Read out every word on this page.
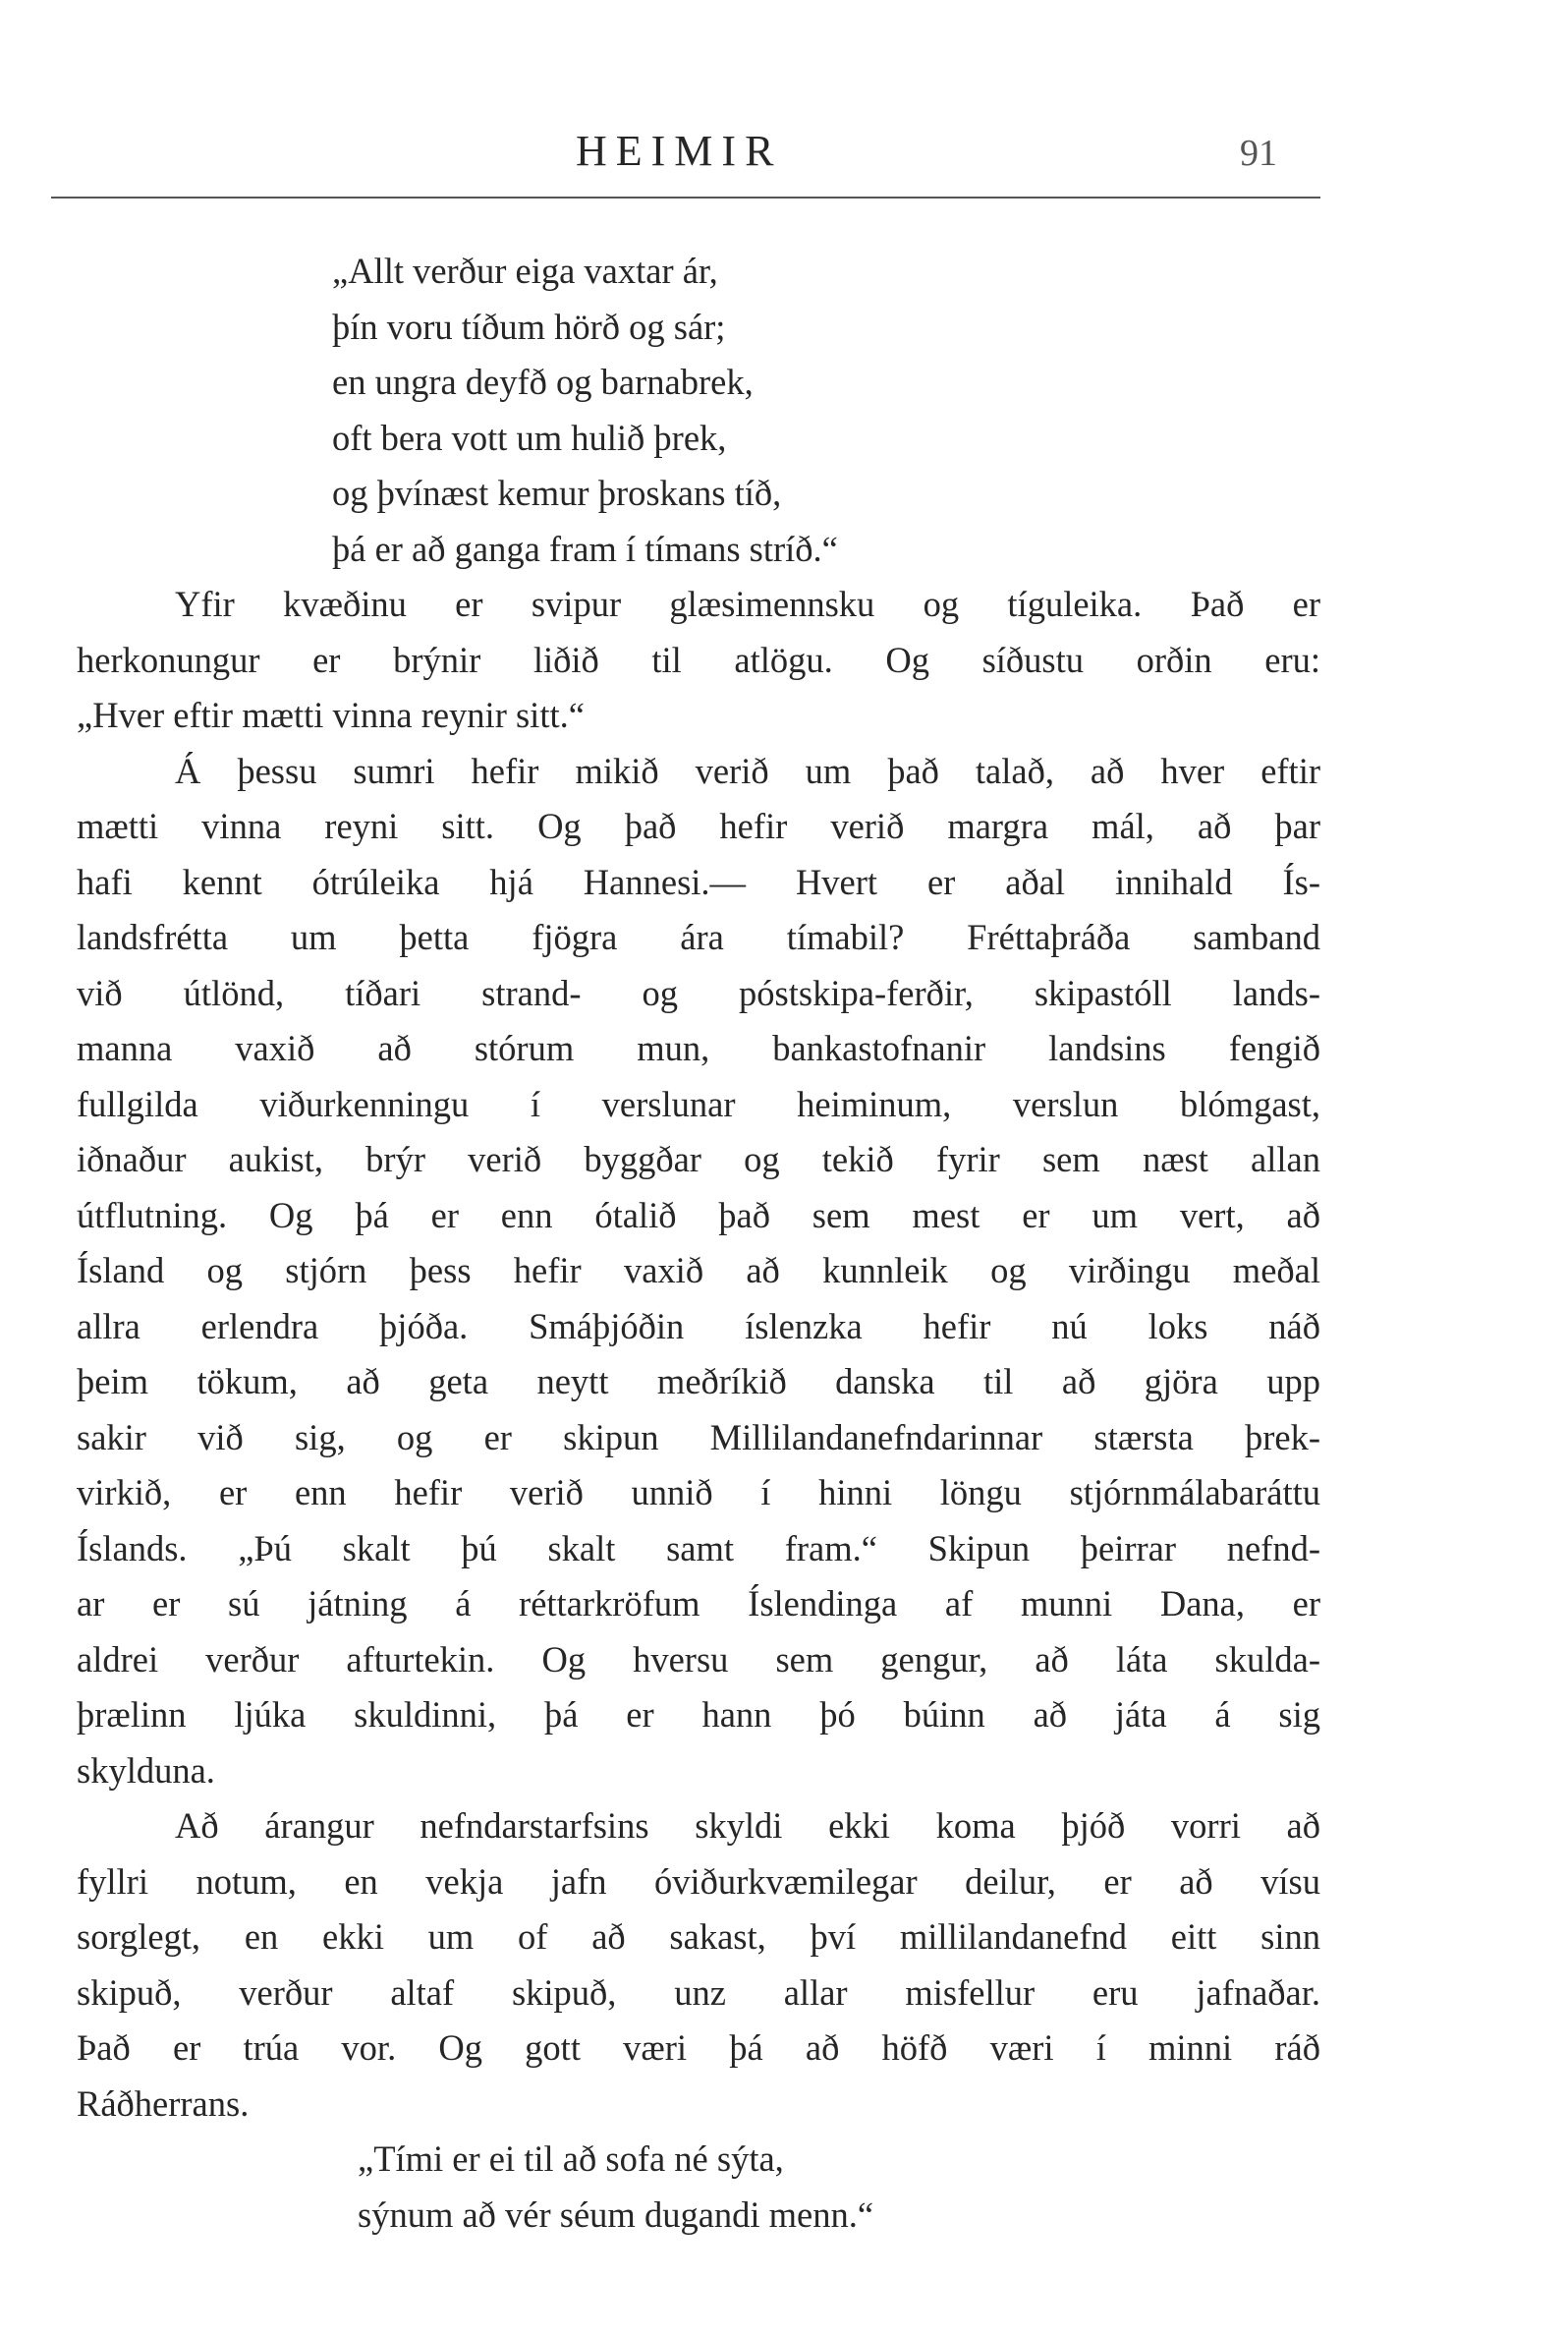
HEIMIR	91
„Allt verður eiga vaxtar ár,
þín voru tíðum hörð og sár;
en ungra deyfð og barnabrek,
oft bera vott um hulið þrek,
og þvínæst kemur þroskans tíð,
þá er að ganga fram í tímans stríð.“
Yfir kvæðinu er svipur glæsimennsku og tíguleika. Það er
herkonungur er brýnir liðið til atlögu. Og síðustu orðin eru:
„Hver eftir mætti vinna reynir sitt.“
Á þessu sumri hefir mikið verið um það talað, að hver eftir
mætti vinna reyni sitt. Og það hefir verið margra mál, að þar
hafi kennt ótrúleika hjá Hannesi.— Hvert er aðal innihald Ís-
landsfrétta um þetta fjögra ára tímabil? Fréttaþráða samband
við útlönd, tíðari strand- og póstskipa-ferðir, skipastóll lands-
manna vaxið að stórum mun, bankastofnanir landsins fengið
fullgilda viðurkenningu í verslunar heiminum, verslun blómgast,
iðnaður aukist, brýr verið byggðar og tekið fyrir sem næst allan
útflutning. Og þá er enn ótalið það sem mest er um vert, að
Ísland og stjórn þess hefir vaxið að kunnleik og virðingu meðal
allra erlendra þjóða. Smáþjóðin íslenzka hefir nú loks náð
þeim tökum, að geta neytt meðríkið danska til að gjöra upp
sakir við sig, og er skipun Millilandanefndarinnar stærsta þrek-
virkið, er enn hefir verið unnið í hinni löngu stjórnmálabaráttu
Íslands. „Þú skalt þú skalt samt fram.“ Skipun þeirrar nefnd-
ar er sú játning á réttarkröfum Íslendinga af munni Dana, er
aldrei verður afturtekin. Og hversu sem gengur, að láta skulda-
þrælinn ljúka skuldinni, þá er hann þó búinn að játa á sig
skylduna.
Að árangur nefndarstarfsins skyldi ekki koma þjóð vorri að
fyllri notum, en vekja jafn óviðurkvæmilegar deilur, er að vísu
sorglegt, en ekki um of að sakast, því millilandanefnd eitt sinn
skipuð, verður altaf skipuð, unz allar misfellur eru jafnaðar.
Það er trúa vor. Og gott væri þá að höfð væri í minni ráð
Ráðherrans.
„Tími er ei til að sofa né sýta,
sýnum að vér séum dugandi menn.“
